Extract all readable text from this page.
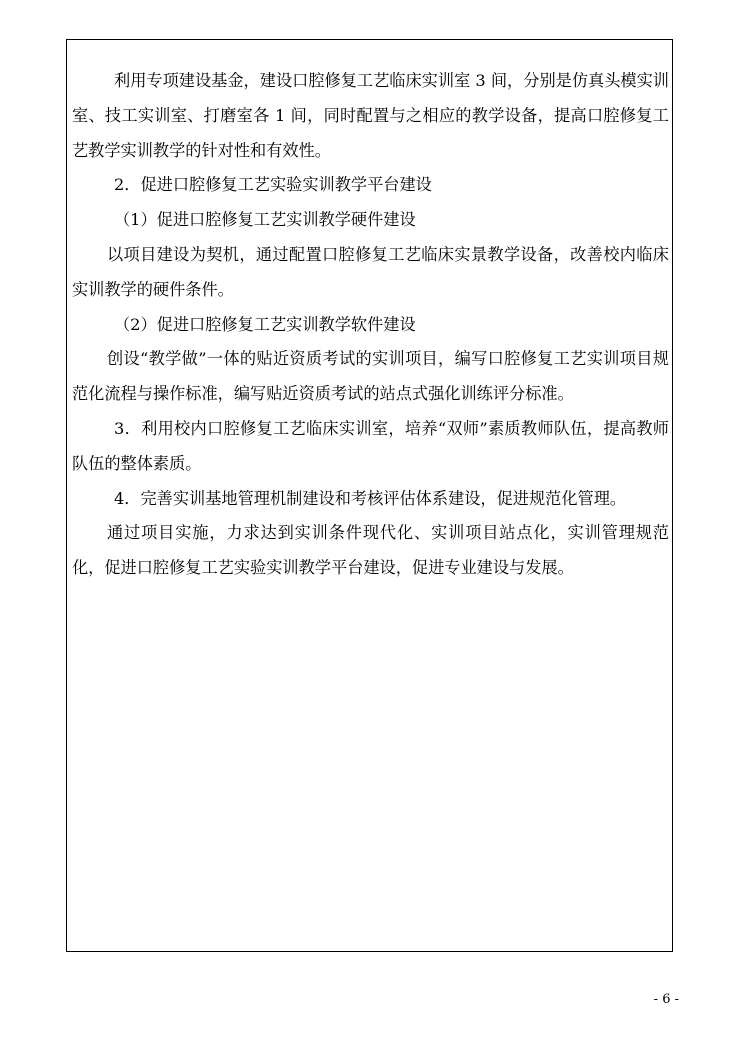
利用专项建设基金，建设口腔修复工艺临床实训室 3 间，分别是仿真头模实训室、技工实训室、打磨室各 1 间，同时配置与之相应的教学设备，提高口腔修复工艺教学实训教学的针对性和有效性。

2．促进口腔修复工艺实验实训教学平台建设

（1）促进口腔修复工艺实训教学硬件建设

以项目建设为契机，通过配置口腔修复工艺临床实景教学设备，改善校内临床实训教学的硬件条件。

（2）促进口腔修复工艺实训教学软件建设

创设“教学做”一体的贴近资质考试的实训项目，编写口腔修复工艺实训项目规范化流程与操作标准，编写贴近资质考试的站点式强化训练评分标准。

3．利用校内口腔修复工艺临床实训室，培养“双师”素质教师队伍，提高教师队伍的整体素质。

4．完善实训基地管理机制建设和考核评估体系建设，促进规范化管理。

通过项目实施，力求达到实训条件现代化、实训项目站点化，实训管理规范化，促进口腔修复工艺实验实训教学平台建设，促进专业建设与发展。

- 6 -
